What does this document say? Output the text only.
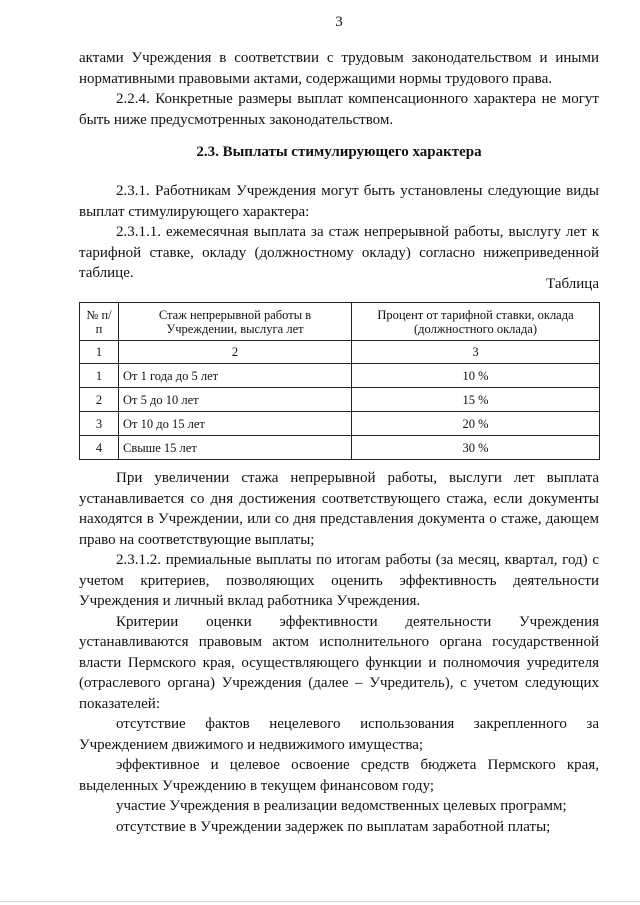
3

актами Учреждения в соответствии с трудовым законодательством и иными нормативными правовыми актами, содержащими нормы трудового права.

2.2.4. Конкретные размеры выплат компенсационного характера не могут быть ниже предусмотренных законодательством.

2.3. Выплаты стимулирующего характера

2.3.1. Работникам Учреждения могут быть установлены следующие виды выплат стимулирующего характера:

2.3.1.1. ежемесячная выплата за стаж непрерывной работы, выслугу лет к тарифной ставке, окладу (должностному окладу) согласно нижеприведенной таблице.

Таблица
№ п/п	Стаж непрерывной работы в Учреждении, выслуга лет	Процент от тарифной ставки, оклада (должностного оклада)
1	2	3
1	От 1 года до 5 лет	10 %
2	От 5 до 10 лет	15 %
3	От 10 до 15 лет	20 %
4	Свыше 15 лет	30 %

При увеличении стажа непрерывной работы, выслуги лет выплата устанавливается со дня достижения соответствующего стажа, если документы находятся в Учреждении, или со дня представления документа о стаже, дающем право на соответствующие выплаты;

2.3.1.2. премиальные выплаты по итогам работы (за месяц, квартал, год) с учетом критериев, позволяющих оценить эффективность деятельности Учреждения и личный вклад работника Учреждения.

Критерии оценки эффективности деятельности Учреждения устанавливаются правовым актом исполнительного органа государственной власти Пермского края, осуществляющего функции и полномочия учредителя (отраслевого органа) Учреждения (далее – Учредитель), с учетом следующих показателей:

отсутствие фактов нецелевого использования закрепленного за Учреждением движимого и недвижимого имущества;

эффективное и целевое освоение средств бюджета Пермского края, выделенных Учреждению в текущем финансовом году;

участие Учреждения в реализации ведомственных целевых программ;

отсутствие в Учреждении задержек по выплатам заработной платы;
